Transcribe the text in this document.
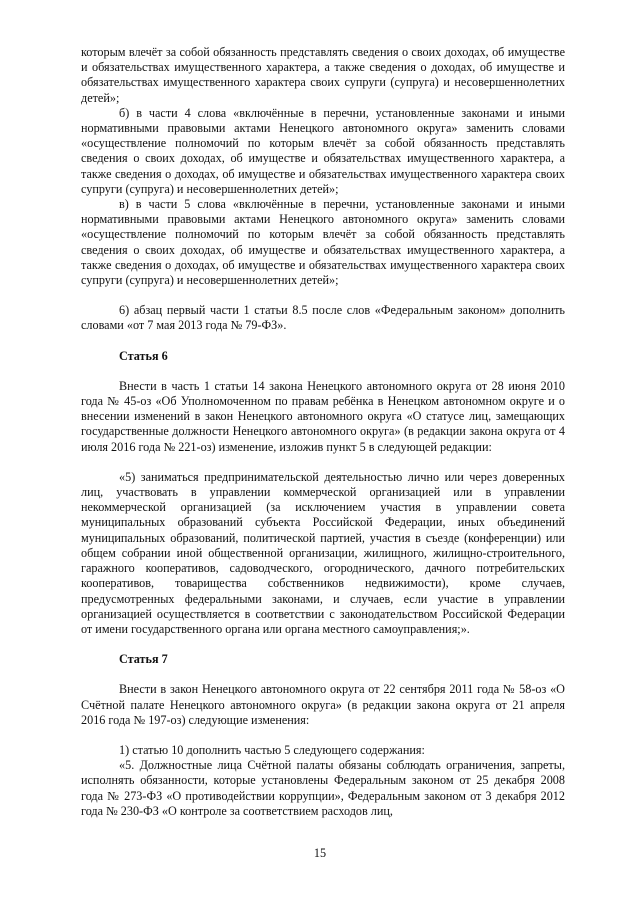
которым влечёт за собой обязанность представлять сведения о своих доходах, об имуществе и обязательствах имущественного характера, а также сведения о доходах, об имуществе и обязательствах имущественного характера своих супруги (супруга) и несовершеннолетних детей»;

б) в части 4 слова «включённые в перечни, установленные законами и иными нормативными правовыми актами Ненецкого автономного округа» заменить словами «осуществление полномочий по которым влечёт за собой обязанность представлять сведения о своих доходах, об имуществе и обязательствах имущественного характера, а также сведения о доходах, об имуществе и обязательствах имущественного характера своих супруги (супруга) и несовершеннолетних детей»;

в) в части 5 слова «включённые в перечни, установленные законами и иными нормативными правовыми актами Ненецкого автономного округа» заменить словами «осуществление полномочий по которым влечёт за собой обязанность представлять сведения о своих доходах, об имуществе и обязательствах имущественного характера, а также сведения о доходах, об имуществе и обязательствах имущественного характера своих супруги (супруга) и несовершеннолетних детей»;

6) абзац первый части 1 статьи 8.5 после слов «Федеральным законом» дополнить словами «от 7 мая 2013 года № 79-ФЗ».

Статья 6

Внести в часть 1 статьи 14 закона Ненецкого автономного округа от 28 июня 2010 года № 45-оз «Об Уполномоченном по правам ребёнка в Ненецком автономном округе и о внесении изменений в закон Ненецкого автономного округа «О статусе лиц, замещающих государственные должности Ненецкого автономного округа» (в редакции закона округа от 4 июля 2016 года № 221-оз) изменение, изложив пункт 5 в следующей редакции:

«5) заниматься предпринимательской деятельностью лично или через доверенных лиц, участвовать в управлении коммерческой организацией или в управлении некоммерческой организацией (за исключением участия в управлении совета муниципальных образований субъекта Российской Федерации, иных объединений муниципальных образований, политической партией, участия в съезде (конференции) или общем собрании иной общественной организации, жилищного, жилищно-строительного, гаражного кооперативов, садоводческого, огороднического, дачного потребительских кооперативов, товарищества собственников недвижимости), кроме случаев, предусмотренных федеральными законами, и случаев, если участие в управлении организацией осуществляется в соответствии с законодательством Российской Федерации от имени государственного органа или органа местного самоуправления;».

Статья 7

Внести в закон Ненецкого автономного округа от 22 сентября 2011 года № 58-оз «О Счётной палате Ненецкого автономного округа» (в редакции закона округа от 21 апреля 2016 года № 197-оз) следующие изменения:

1) статью 10 дополнить частью 5 следующего содержания:

«5. Должностные лица Счётной палаты обязаны соблюдать ограничения, запреты, исполнять обязанности, которые установлены Федеральным законом от 25 декабря 2008 года № 273-ФЗ «О противодействии коррупции», Федеральным законом от 3 декабря 2012 года № 230-ФЗ «О контроле за соответствием расходов лиц,

15
